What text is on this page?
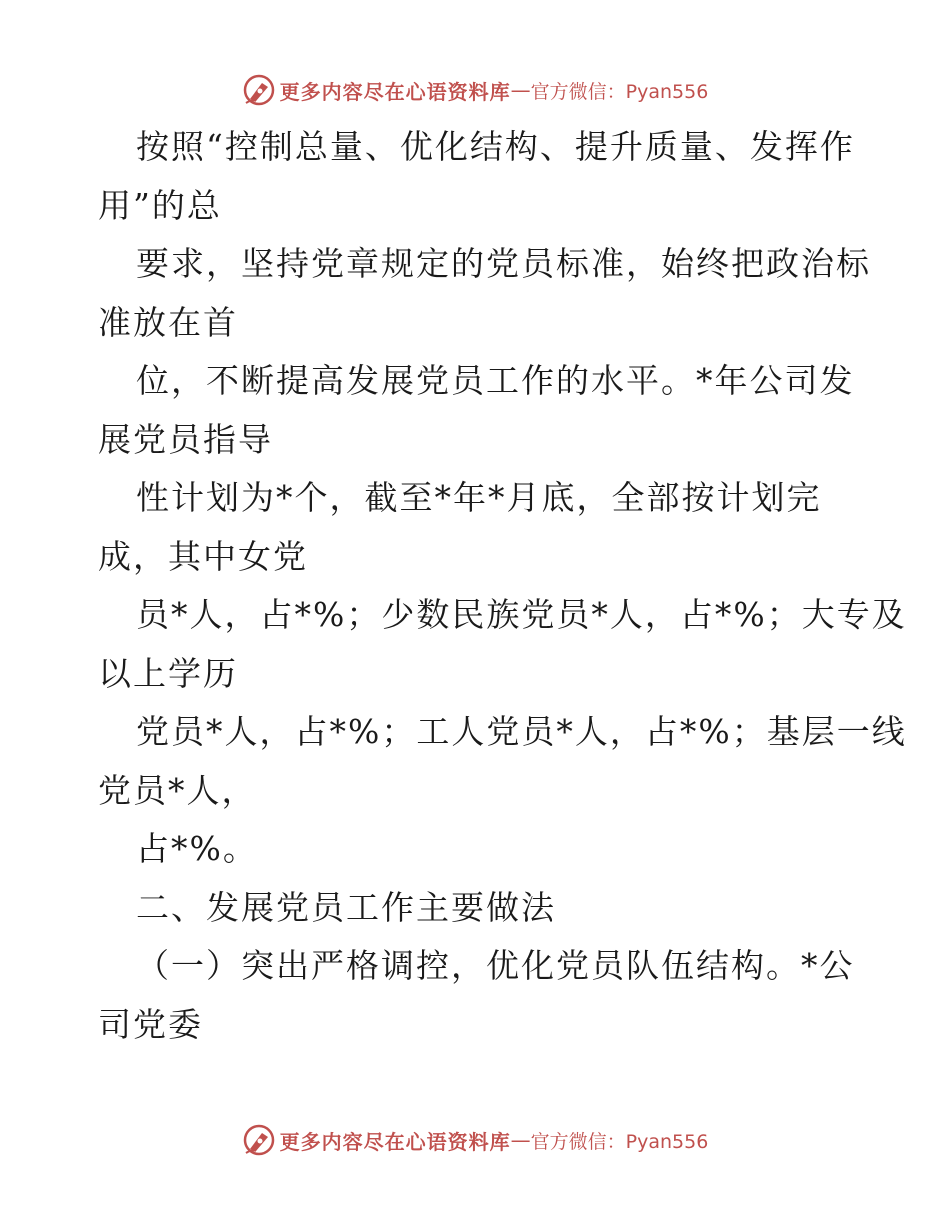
更多内容尽在心语资料库 — 官方微信：Pyan556
按照“控制总量、优化结构、提升质量、发挥作
用”的总
要求，坚持党章规定的党员标准，始终把政治标
准放在首
位，不断提高发展党员工作的水平。*年公司发
展党员指导
性计划为*个，截至*年*月底，全部按计划完
成，其中女党
员*人，占*%；少数民族党员*人，占*%；大专及
以上学历
党员*人，占*%；工人党员*人，占*%；基层一线
党员*人，
占*%。
二、发展党员工作主要做法
（一）突出严格调控，优化党员队伍结构。*公
司党委
更多内容尽在心语资料库 — 官方微信：Pyan556
